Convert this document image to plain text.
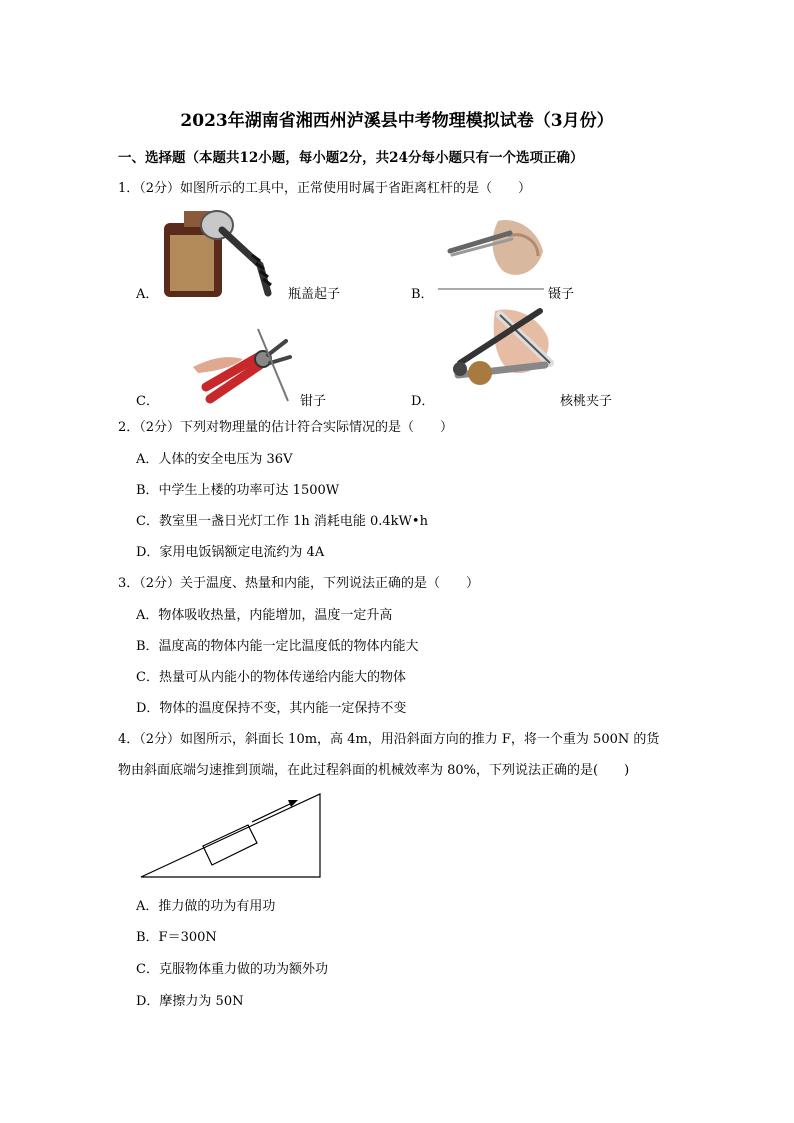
2023年湖南省湘西州泸溪县中考物理模拟试卷（3月份）
一、选择题（本题共12小题，每小题2分，共24分每小题只有一个选项正确）
1．（2分）如图所示的工具中，正常使用时属于省距离杠杆的是（　　）
A．	瓶盖起子	B．	镊子
C．	钳子	D．	核桃夹子
2．（2分）下列对物理量的估计符合实际情况的是（　　）
A．人体的安全电压为 36V
B．中学生上楼的功率可达 1500W
C．教室里一盏日光灯工作 1h 消耗电能 0.4kW•h
D．家用电饭锅额定电流约为 4A
3．（2分）关于温度、热量和内能，下列说法正确的是（　　）
A．物体吸收热量，内能增加，温度一定升高
B．温度高的物体内能一定比温度低的物体内能大
C．热量可从内能小的物体传递给内能大的物体
D．物体的温度保持不变，其内能一定保持不变
4．（2分）如图所示，斜面长 10m，高 4m，用沿斜面方向的推力 F，将一个重为 500N 的货
物由斜面底端匀速推到顶端，在此过程斜面的机械效率为 80%，下列说法正确的是(　　)
A．推力做的功为有用功
B．F＝300N
C．克服物体重力做的功为额外功
D．摩擦力为 50N
